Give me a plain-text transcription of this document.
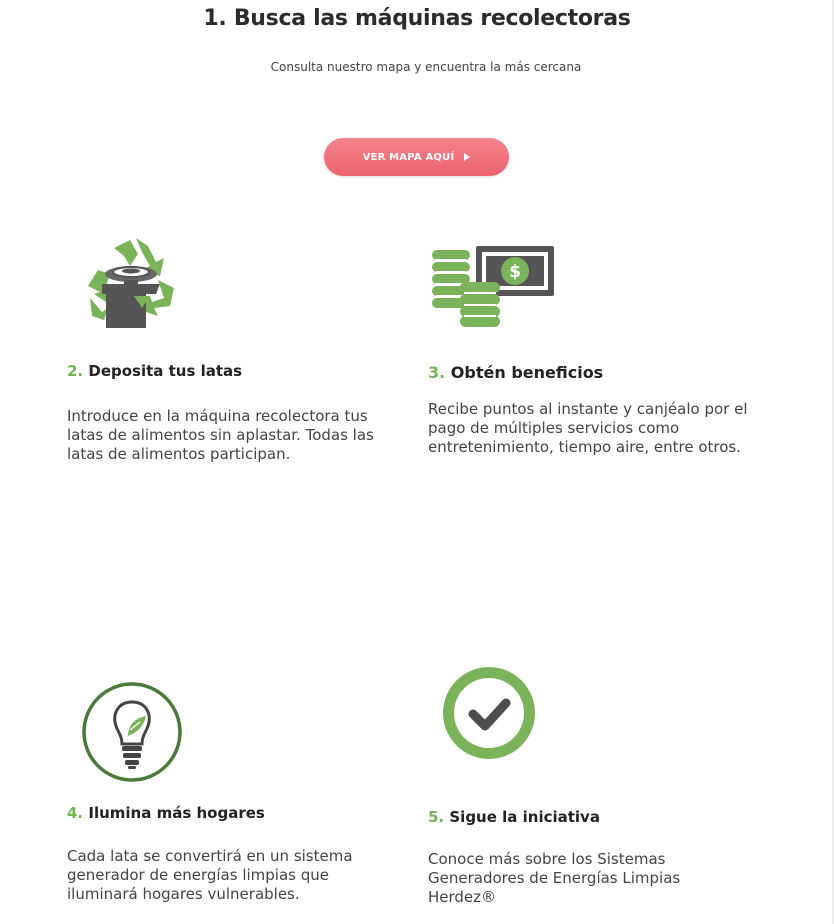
1. Busca las máquinas recolectoras
Consulta nuestro mapa y encuentra la más cercana
VER MAPA AQUÍ
2. Deposita tus latas
Introduce en la máquina recolectora tus latas de alimentos sin aplastar. Todas las latas de alimentos participan.
$
3. Obtén beneficios
Recibe puntos al instante y canjéalo por el pago de múltiples servicios como entretenimiento, tiempo aire, entre otros.
4. Ilumina más hogares
Cada lata se convertirá en un sistema generador de energías limpias que iluminará hogares vulnerables.
5. Sigue la iniciativa
Conoce más sobre los Sistemas Generadores de Energías Limpias Herdez®
